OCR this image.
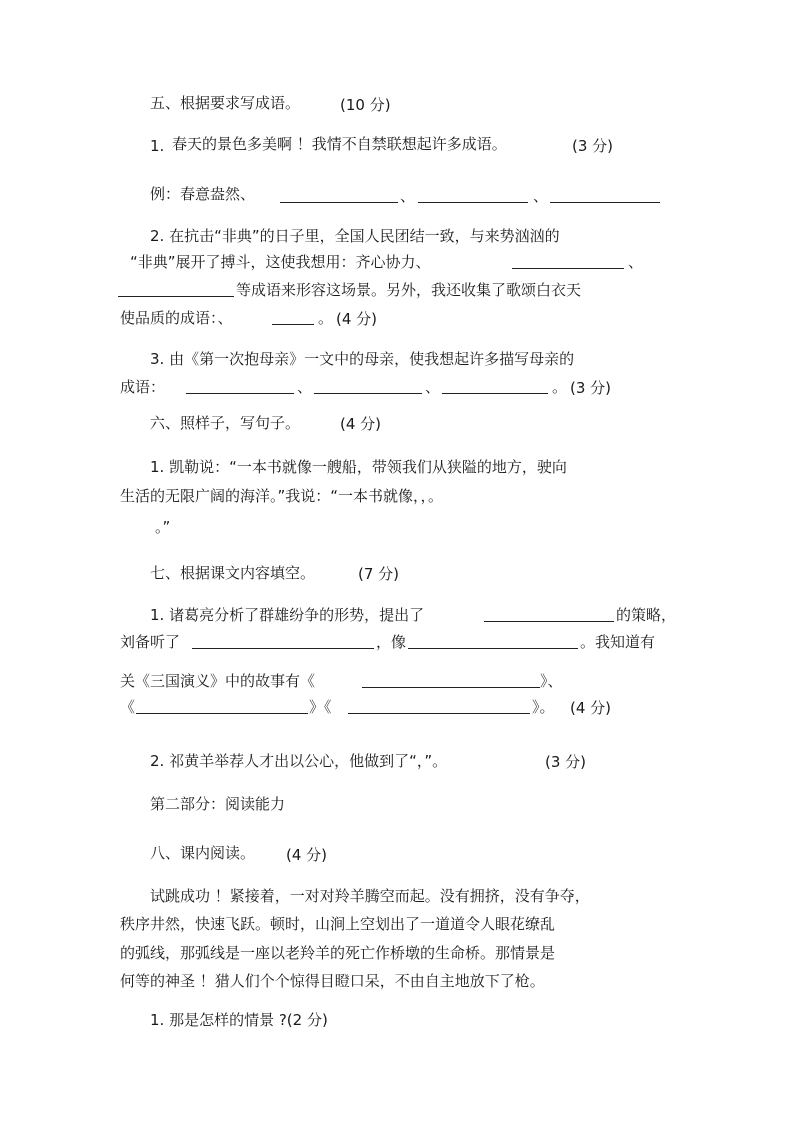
五、根据要求写成语。	(10 分)
1. 春天的景色多美啊 ！我情不自禁联想起许多成语。	(3 分)
例：春意盎然、	、	、
2. 在抗击“非典”的日子里，全国人民团结一致，与来势汹汹的
“非典”展开了搏斗，这使我想用：齐心协力、	、
等成语来形容这场景。另外，我还收集了歌颂白衣天
使品质的成语：、	。 (4 分)
3. 由《第一次抱母亲》一文中的母亲，使我想起许多描写母亲的
成语：	、	、	。 (3 分)
六、照样子，写句子。	(4 分)
1. 凯勒说：“一本书就像一艘船，带领我们从狭隘的地方，驶向
生活的无限广阔的海洋。”我说：“一本书就像，，。
。”
七、根据课文内容填空。	(7 分)
1. 诸葛亮分析了群雄纷争的形势，提出了	的策略，
刘备听了	，像	。我知道有
关《三国演义》中的故事有《	》、
《	》《	》。 (4 分)
2. 祁黄羊举荐人才出以公心，他做到了“，”。	(3 分)
第二部分：阅读能力
八、课内阅读。 (4 分)
试跳成功 ！紧接着，一对对羚羊腾空而起。没有拥挤，没有争夺，
秩序井然，快速飞跃。顿时，山涧上空划出了一道道令人眼花缭乱
的弧线，那弧线是一座以老羚羊的死亡作桥墩的生命桥。那情景是
何等的神圣 ！猎人们个个惊得目瞪口呆，不由自主地放下了枪。
1. 那是怎样的情景 ?(2 分)
